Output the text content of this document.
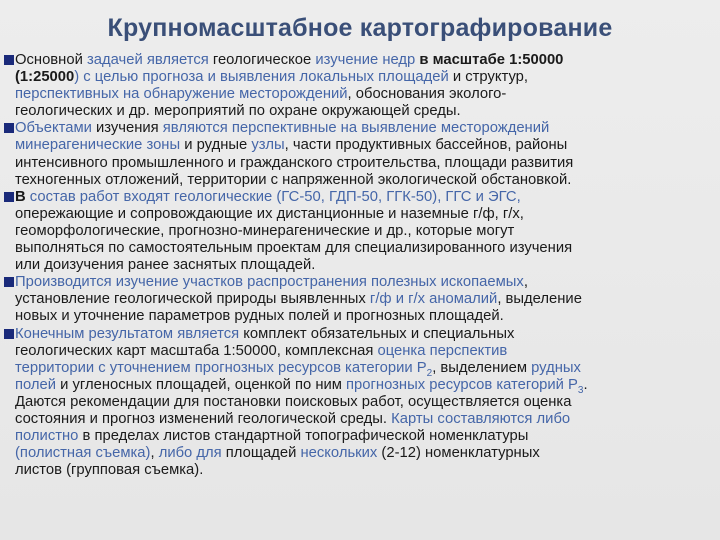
Крупномасштабное картографирование
Основной задачей является геологическое изучение недр в масштабе 1:50000
(1:25000) с целью прогноза и выявления локальных площадей и структур,
перспективных на обнаружение месторождений, обоснования эколого-
геологических и др. мероприятий по охране окружающей среды.
Объектами изучения являются перспективные на выявление месторождений
минерагенические зоны и рудные узлы, части продуктивных бассейнов, районы
интенсивного промышленного и гражданского строительства, площади развития
техногенных отложений, территории с напряженной экологической обстановкой.
В состав работ входят геологические (ГС-50, ГДП-50, ГГК-50), ГГС и ЭГС,
опережающие и сопровождающие их дистанционные и наземные г/ф, г/х,
геоморфологические, прогнозно-минерагенические и др., которые могут
выполняться по самостоятельным проектам для специализированного изучения
или доизучения ранее заснятых площадей.
Производится изучение участков распространения полезных ископаемых,
установление геологической природы выявленных г/ф и г/х аномалий, выделение
новых и уточнение параметров рудных полей и прогнозных площадей.
Конечным результатом является комплект обязательных и специальных
геологических карт масштаба 1:50000, комплексная оценка перспектив
территории с уточнением прогнозных ресурсов категории $Р_2$, выделением рудных
полей и угленосных площадей, оценкой по ним прогнозных ресурсов категорий $Р_3$.
Даются рекомендации для постановки поисковых работ, осуществляется оценка
состояния и прогноз изменений геологической среды. Карты составляются либо
полистно в пределах листов стандартной топографической номенклатуры
(полистная съемка), либо для площадей нескольких (2-12) номенклатурных
листов (групповая съемка).
